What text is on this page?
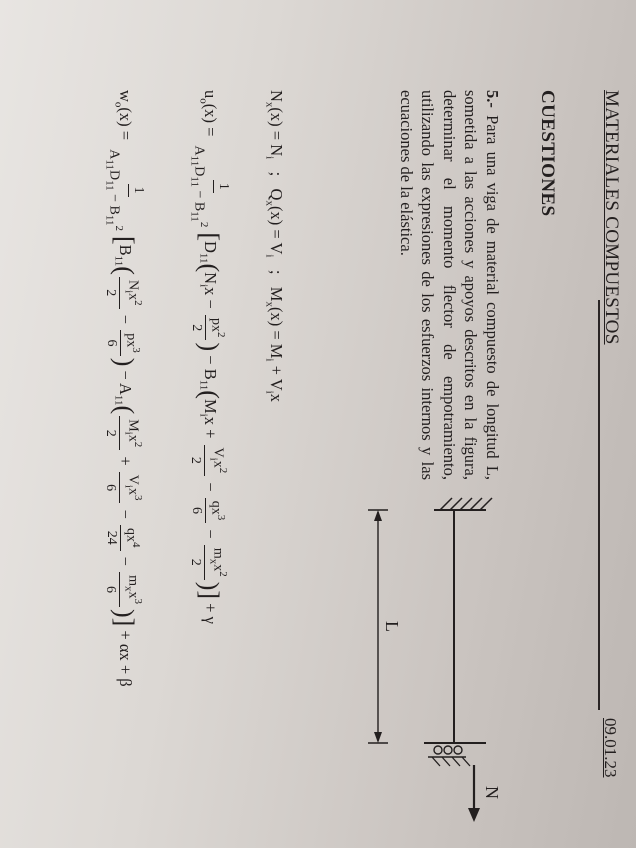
MATERIALES COMPUESTOS
09.01.23
CUESTIONES
5.- Para una viga de material compuesto de longitud L, sometida a las acciones y apoyos descritos en la figura, determinar el momento flector de empotramiento, utilizando las expresiones de los esfuerzos internos y las ecuaciones de la elástica.
N
L
$N_x(x) = N_i$   ;   $Q_x(x) = V_i$   ;   $M_x(x) = M_i + V_ix$
$u_o(x)$ =
1
$A_{11}D_{11} - B_{11}^2$
[$D_{11}(N_ix$ −
$px^2$
2
) − $B_{11}(M_ix$ +
$V_ix^2$
2
−
$qx^3$
6
−
$m_xx^2$
2
)] + γ
$w_o(x)$ =
1
$A_{11}D_{11} - B_{11}^2$
[$B_{11}$(
$N_ix^2$
2
−
$px^3$
6
) − $A_{11}$(
$M_ix^2$
2
+
$V_ix^3$
6
−
$qx^4$
24
−
$m_xx^3$
6
)] + αx + β
